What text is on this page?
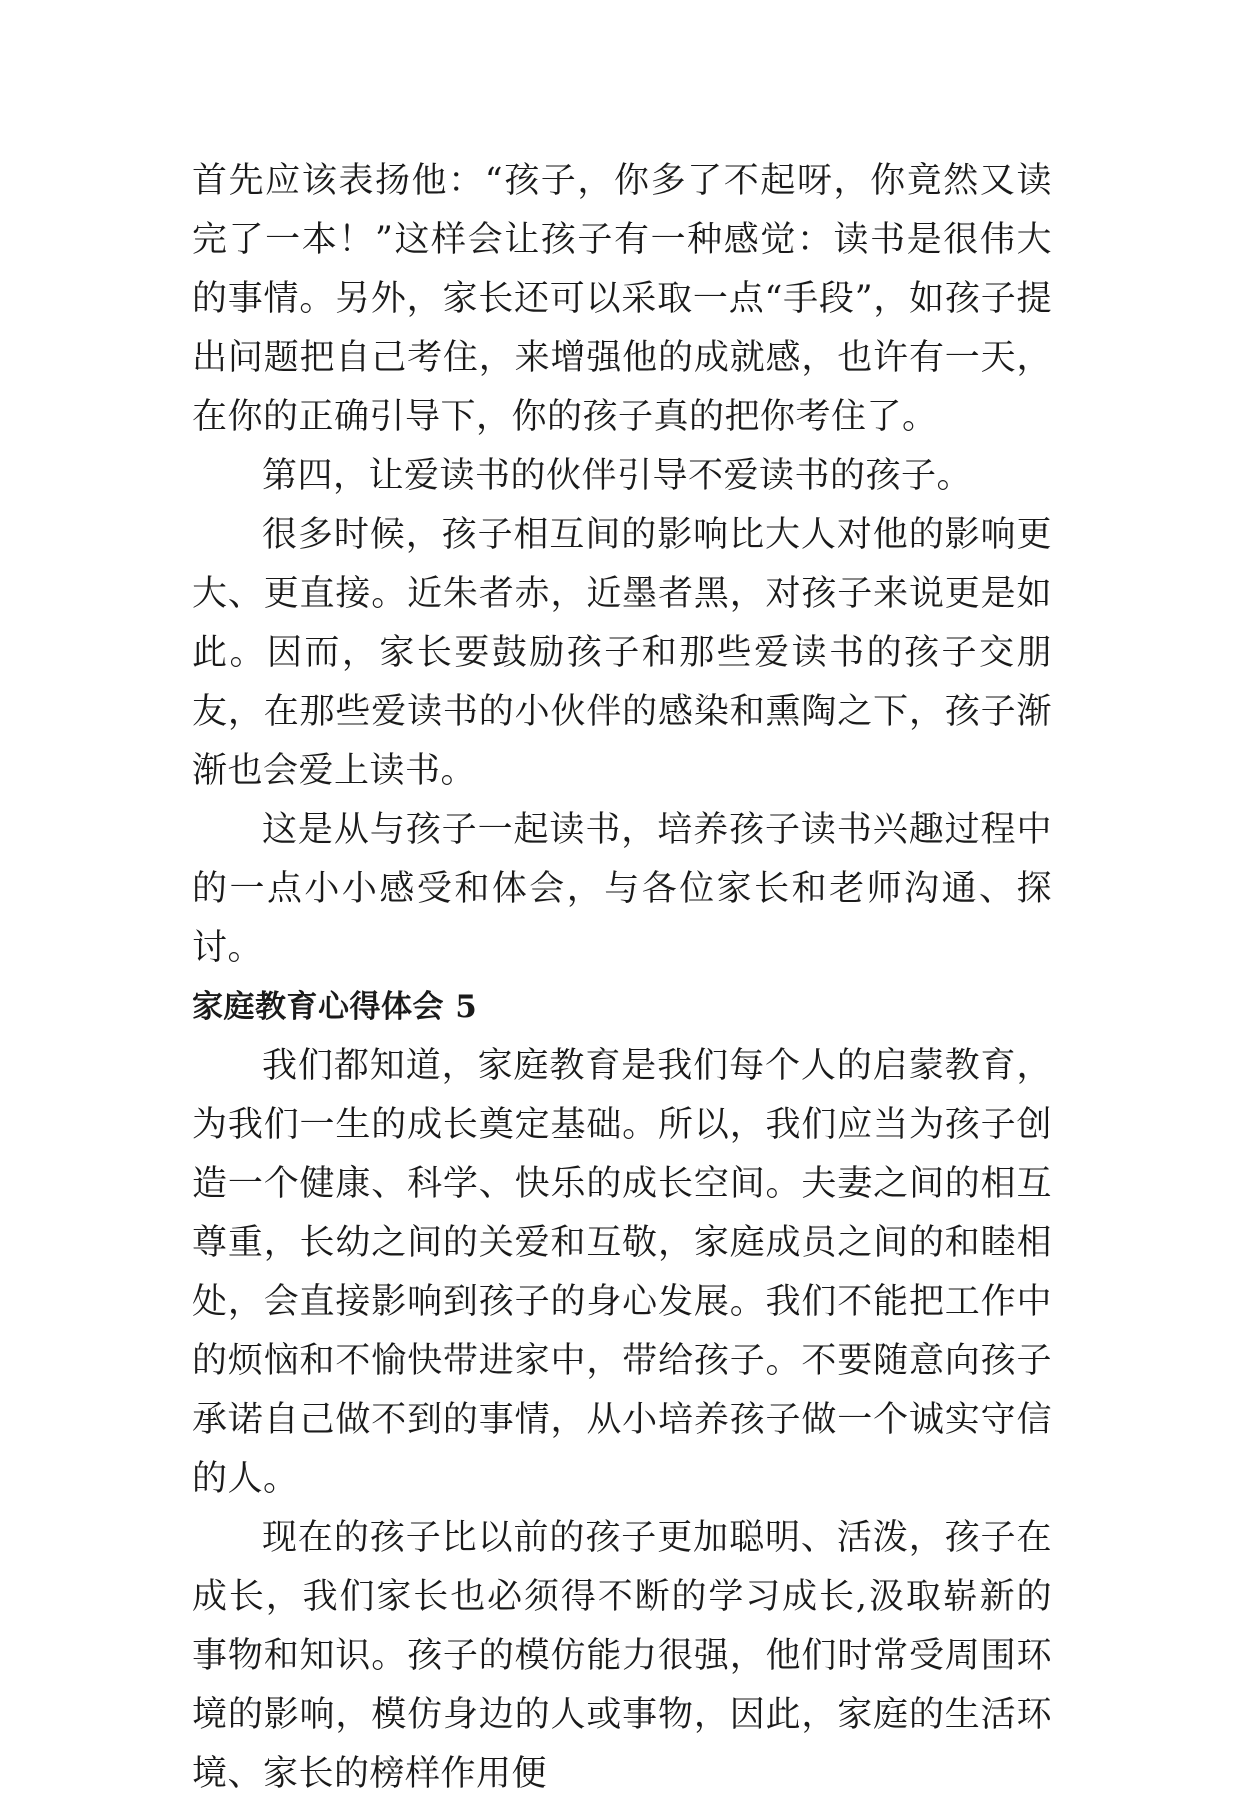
首先应该表扬他：“孩子，你多了不起呀，你竟然又读完了一本！”这样会让孩子有一种感觉：读书是很伟大的事情。另外，家长还可以采取一点“手段”，如孩子提出问题把自己考住，来增强他的成就感，也许有一天，在你的正确引导下，你的孩子真的把你考住了。

第四，让爱读书的伙伴引导不爱读书的孩子。

很多时候，孩子相互间的影响比大人对他的影响更大、更直接。近朱者赤，近墨者黑，对孩子来说更是如此。因而，家长要鼓励孩子和那些爱读书的孩子交朋友，在那些爱读书的小伙伴的感染和熏陶之下，孩子渐渐也会爱上读书。

这是从与孩子一起读书，培养孩子读书兴趣过程中的一点小小感受和体会，与各位家长和老师沟通、探讨。

家庭教育心得体会 5

我们都知道，家庭教育是我们每个人的启蒙教育，为我们一生的成长奠定基础。所以，我们应当为孩子创造一个健康、科学、快乐的成长空间。夫妻之间的相互尊重，长幼之间的关爱和互敬，家庭成员之间的和睦相处，会直接影响到孩子的身心发展。我们不能把工作中的烦恼和不愉快带进家中，带给孩子。不要随意向孩子承诺自己做不到的事情，从小培养孩子做一个诚实守信的人。

现在的孩子比以前的孩子更加聪明、活泼，孩子在成长，我们家长也必须得不断的学习成长,汲取崭新的事物和知识。孩子的模仿能力很强，他们时常受周围环境的影响，模仿身边的人或事物，因此，家庭的生活环境、家长的榜样作用便
